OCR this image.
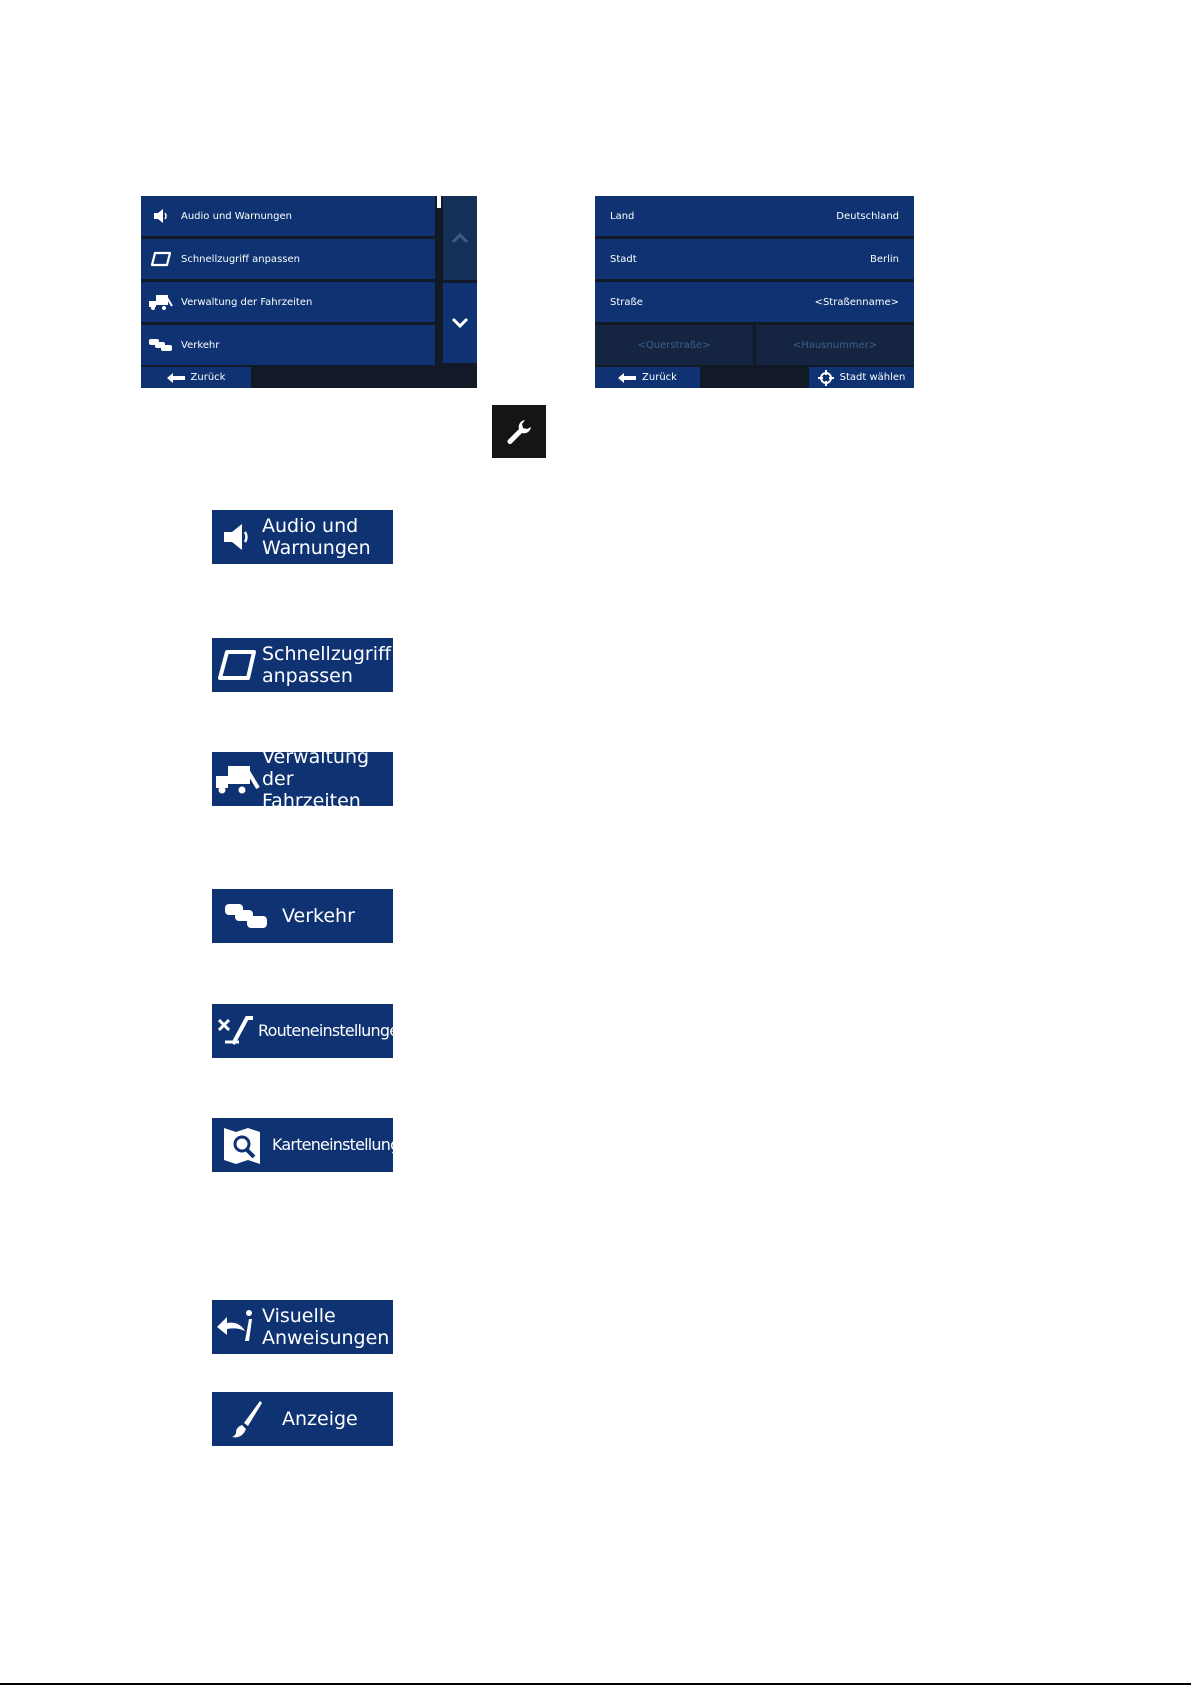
Audio und Warnungen
Schnellzugriff anpassen
Verwaltung der Fahrzeiten
Verkehr
Zurück
Land	Deutschland
Stadt	Berlin
Straße	<Straßenname>
<Querstraße>	<Hausnummer>
Zurück	Stadt wählen
Audio und
Warnungen
Schnellzugriff
anpassen
Verwaltung
der Fahrzeiten
Verkehr
Routeneinstellungen
Karteneinstellungen
Visuelle
Anweisungen
Anzeige
